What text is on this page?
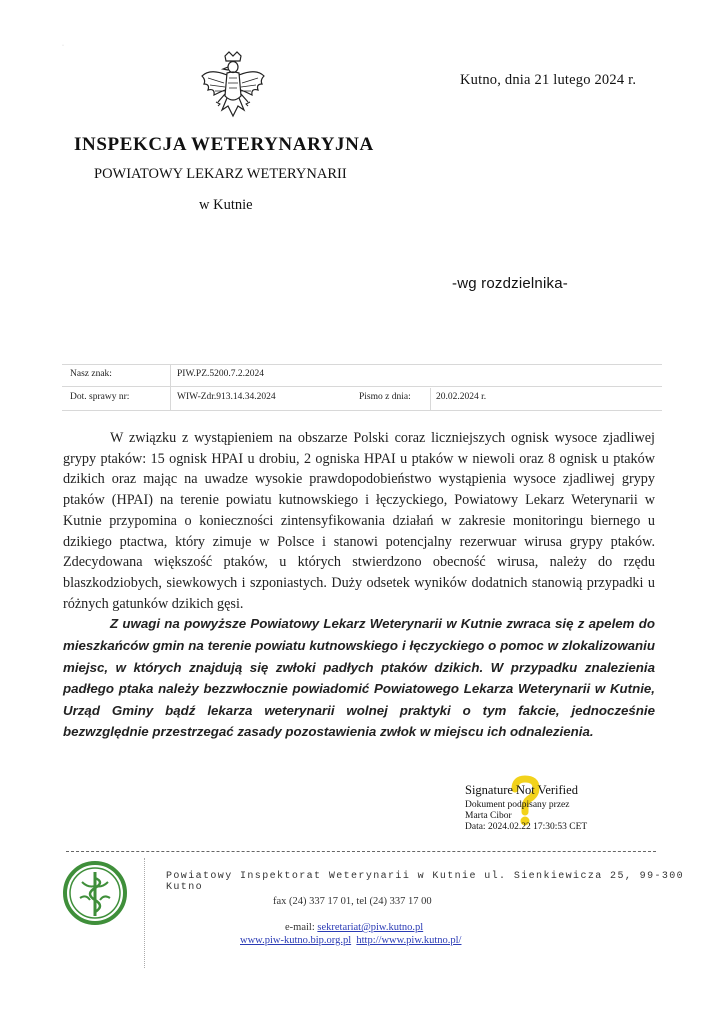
·
Kutno, dnia 21 lutego 2024 r.
INSPEKCJA WETERYNARYJNA
POWIATOWY LEKARZ WETERYNARII
w Kutnie
-wg rozdzielnika-
Nasz znak:	PIW.PZ.5200.7.2.2024
Dot. sprawy nr:	WIW-Zdr.913.14.34.2024	Pismo z dnia:	20.02.2024 r.

W związku z wystąpieniem na obszarze Polski coraz liczniejszych ognisk wysoce zjadliwej grypy ptaków: 15 ognisk HPAI u drobiu, 2 ogniska HPAI u ptaków w niewoli oraz 8 ognisk u ptaków dzikich oraz mając na uwadze wysokie prawdopodobieństwo wystąpienia wysoce zjadliwej grypy ptaków (HPAI) na terenie powiatu kutnowskiego i łęczyckiego, Powiatowy Lekarz Weterynarii w Kutnie przypomina o konieczności zintensyfikowania działań w zakresie monitoringu biernego u dzikiego ptactwa, który zimuje w Polsce i stanowi potencjalny rezerwuar wirusa grypy ptaków. Zdecydowana większość ptaków, u których stwierdzono obecność wirusa, należy do rzędu blaszkodziobych, siewkowych i szponiastych. Duży odsetek wyników dodatnich stanowią przypadki u różnych gatunków dzikich gęsi.

Z uwagi na powyższe Powiatowy Lekarz Weterynarii w Kutnie zwraca się z apelem do mieszkańców gmin na terenie powiatu kutnowskiego i łęczyckiego o pomoc w zlokalizowaniu miejsc, w których znajdują się zwłoki padłych ptaków dzikich. W przypadku znalezienia padłego ptaka należy bezzwłocznie powiadomić Powiatowego Lekarza Weterynarii w Kutnie, Urząd Gminy bądź lekarza weterynarii wolnej praktyki o tym fakcie, jednocześnie bezwzględnie przestrzegać zasady pozostawienia zwłok w miejscu ich odnalezienia.

Signature Not Verified
Dokument podpisany przez
Marta Cibor
Data: 2024.02.22 17:30:53 CET
Powiatowy Inspektorat Weterynarii w Kutnie ul. Sienkiewicza 25, 99-300 Kutno
fax (24) 337 17 01, tel (24) 337 17 00
e-mail: sekretariat@piw.kutno.pl
www.piw-kutno.bip.org.pl http://www.piw.kutno.pl/
